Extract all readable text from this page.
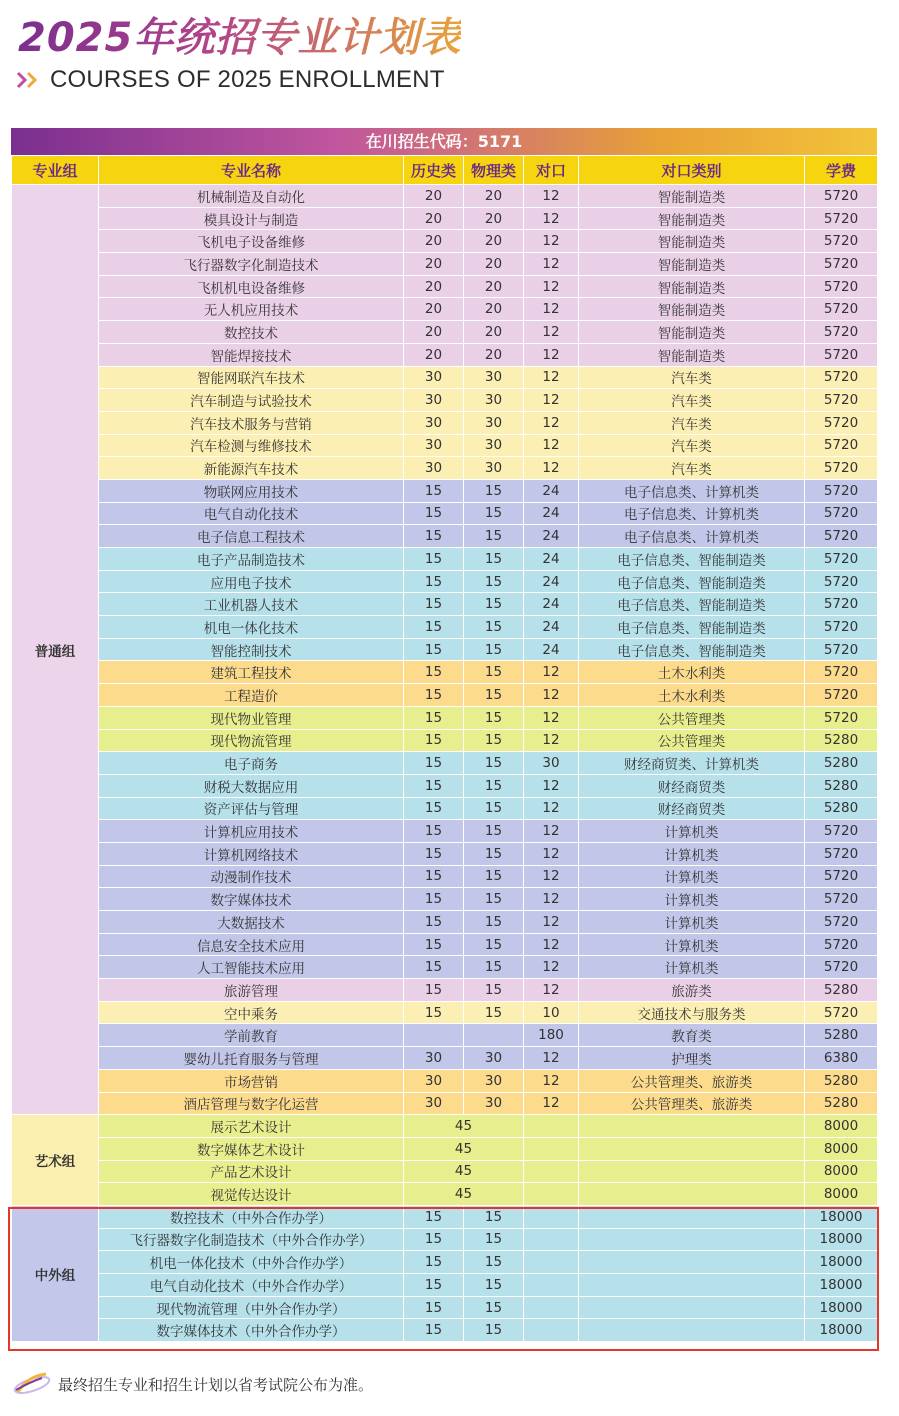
2025年统招专业计划表
COURSES OF 2025 ENROLLMENT
在川招生代码：5171
专业组	专业名称	历史类	物理类	对口	对口类别	学费
普通组	机械制造及自动化	20	20	12	智能制造类	5720
	模具设计与制造	20	20	12	智能制造类	5720
	飞机电子设备维修	20	20	12	智能制造类	5720
	飞行器数字化制造技术	20	20	12	智能制造类	5720
	飞机机电设备维修	20	20	12	智能制造类	5720
	无人机应用技术	20	20	12	智能制造类	5720
	数控技术	20	20	12	智能制造类	5720
	智能焊接技术	20	20	12	智能制造类	5720
	智能网联汽车技术	30	30	12	汽车类	5720
	汽车制造与试验技术	30	30	12	汽车类	5720
	汽车技术服务与营销	30	30	12	汽车类	5720
	汽车检测与维修技术	30	30	12	汽车类	5720
	新能源汽车技术	30	30	12	汽车类	5720
	物联网应用技术	15	15	24	电子信息类、计算机类	5720
	电气自动化技术	15	15	24	电子信息类、计算机类	5720
	电子信息工程技术	15	15	24	电子信息类、计算机类	5720
	电子产品制造技术	15	15	24	电子信息类、智能制造类	5720
	应用电子技术	15	15	24	电子信息类、智能制造类	5720
	工业机器人技术	15	15	24	电子信息类、智能制造类	5720
	机电一体化技术	15	15	24	电子信息类、智能制造类	5720
	智能控制技术	15	15	24	电子信息类、智能制造类	5720
	建筑工程技术	15	15	12	土木水利类	5720
	工程造价	15	15	12	土木水利类	5720
	现代物业管理	15	15	12	公共管理类	5720
	现代物流管理	15	15	12	公共管理类	5280
	电子商务	15	15	30	财经商贸类、计算机类	5280
	财税大数据应用	15	15	12	财经商贸类	5280
	资产评估与管理	15	15	12	财经商贸类	5280
	计算机应用技术	15	15	12	计算机类	5720
	计算机网络技术	15	15	12	计算机类	5720
	动漫制作技术	15	15	12	计算机类	5720
	数字媒体技术	15	15	12	计算机类	5720
	大数据技术	15	15	12	计算机类	5720
	信息安全技术应用	15	15	12	计算机类	5720
	人工智能技术应用	15	15	12	计算机类	5720
	旅游管理	15	15	12	旅游类	5280
	空中乘务	15	15	10	交通技术与服务类	5720
	学前教育			180	教育类	5280
	婴幼儿托育服务与管理	30	30	12	护理类	6380
	市场营销	30	30	12	公共管理类、旅游类	5280
	酒店管理与数字化运营	30	30	12	公共管理类、旅游类	5280
艺术组	展示艺术设计	45				8000
	数字媒体艺术设计	45				8000
	产品艺术设计	45				8000
	视觉传达设计	45				8000
中外组	数控技术（中外合作办学）	15	15			18000
	飞行器数字化制造技术（中外合作办学）	15	15			18000
	机电一体化技术（中外合作办学）	15	15			18000
	电气自动化技术（中外合作办学）	15	15			18000
	现代物流管理（中外合作办学）	15	15			18000
	数字媒体技术（中外合作办学）	15	15			18000
最终招生专业和招生计划以省考试院公布为准。
